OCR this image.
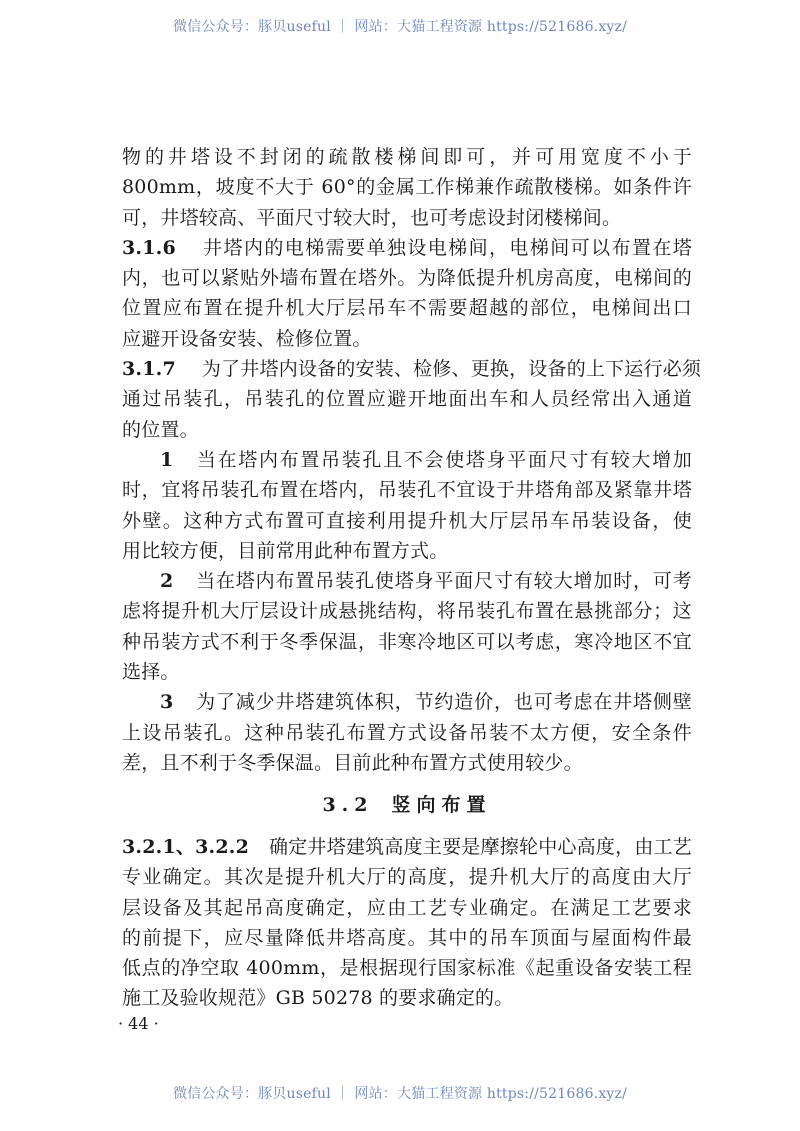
微信公众号：豚贝useful ｜ 网站：大猫工程资源 https://521686.xyz/
物的井塔设不封闭的疏散楼梯间即可，并可用宽度不小于
800mm，坡度不大于 60°的金属工作梯兼作疏散楼梯。如条件许
可，井塔较高、平面尺寸较大时，也可考虑设封闭楼梯间。
3.1.6 井塔内的电梯需要单独设电梯间，电梯间可以布置在塔
内，也可以紧贴外墙布置在塔外。为降低提升机房高度，电梯间的
位置应布置在提升机大厅层吊车不需要超越的部位，电梯间出口
应避开设备安装、检修位置。
3.1.7 为了井塔内设备的安装、检修、更换，设备的上下运行必须
通过吊装孔，吊装孔的位置应避开地面出车和人员经常出入通道
的位置。
1 当在塔内布置吊装孔且不会使塔身平面尺寸有较大增加
时，宜将吊装孔布置在塔内，吊装孔不宜设于井塔角部及紧靠井塔
外壁。这种方式布置可直接利用提升机大厅层吊车吊装设备，使
用比较方便，目前常用此种布置方式。
2 当在塔内布置吊装孔使塔身平面尺寸有较大增加时，可考
虑将提升机大厅层设计成悬挑结构，将吊装孔布置在悬挑部分；这
种吊装方式不利于冬季保温，非寒冷地区可以考虑，寒冷地区不宜
选择。
3 为了减少井塔建筑体积，节约造价，也可考虑在井塔侧壁
上设吊装孔。这种吊装孔布置方式设备吊装不太方便，安全条件
差，且不利于冬季保温。目前此种布置方式使用较少。
3.2 竖向布置
3.2.1、3.2.2 确定井塔建筑高度主要是摩擦轮中心高度，由工艺
专业确定。其次是提升机大厅的高度，提升机大厅的高度由大厅
层设备及其起吊高度确定，应由工艺专业确定。在满足工艺要求
的前提下，应尽量降低井塔高度。其中的吊车顶面与屋面构件最
低点的净空取 400mm，是根据现行国家标准《起重设备安装工程
施工及验收规范》GB 50278 的要求确定的。
· 44 ·
微信公众号：豚贝useful ｜ 网站：大猫工程资源 https://521686.xyz/
